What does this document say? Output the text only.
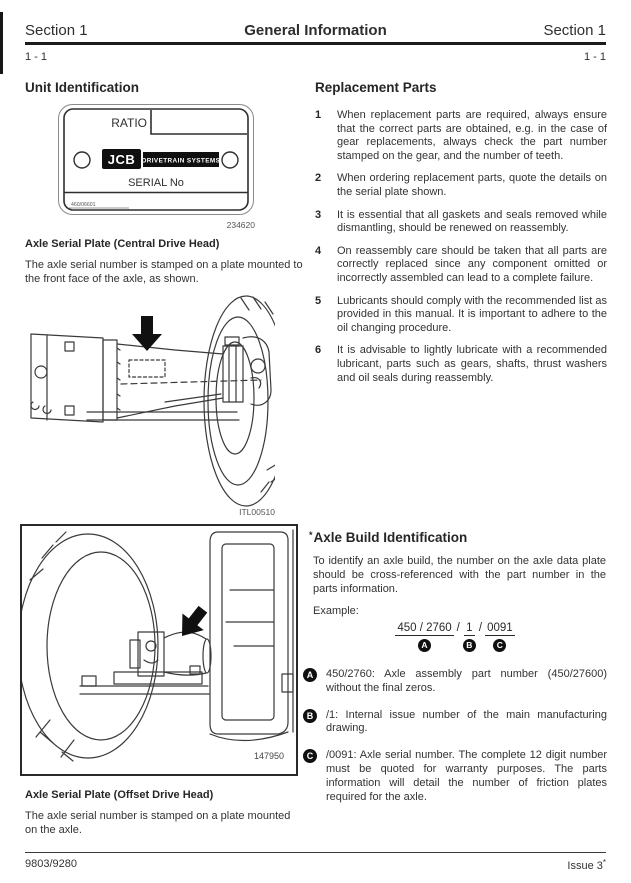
Section 1	General Information	Section 1
1 - 1	1 - 1
Unit Identification
RATIO
JCB DRIVETRAIN SYSTEMS
SERIAL No
460/06601
234620
Axle Serial Plate (Central Drive Head)
The axle serial number is stamped on a plate mounted to the front face of the axle, as shown.
ITL00510
147950
Axle Serial Plate (Offset Drive Head)
The axle serial number is stamped on a plate mounted on the axle.
Replacement Parts
1	When replacement parts are required, always ensure that the correct parts are obtained, e.g. in the case of gear replacements, always check the part number stamped on the gear, and the number of teeth.
2	When ordering replacement parts, quote the details on the serial plate shown.
3	It is essential that all gaskets and seals removed while dismantling, should be renewed on reassembly.
4	On reassembly care should be taken that all parts are correctly replaced since any component omitted or incorrectly assembled can lead to a complete failure.
5	Lubricants should comply with the recommended list as provided in this manual. It is important to adhere to the oil changing procedure.
6	It is advisable to lightly lubricate with a recommended lubricant, parts such as gears, shafts, thrust washers and oil seals during reassembly.
*Axle Build Identification
To identify an axle build, the number on the axle data plate should be cross-referenced with the part number in the parts information.
Example:
450 / 2760
A
/ 1
B
/ 0091
C
A	450/2760: Axle assembly part number (450/27600) without the final zeros.
B	/1: Internal issue number of the main manufacturing drawing.
C	/0091: Axle serial number. The complete 12 digit number must be quoted for warranty purposes. The parts information will detail the number of friction plates required for the axle.
9803/9280	Issue 3*
